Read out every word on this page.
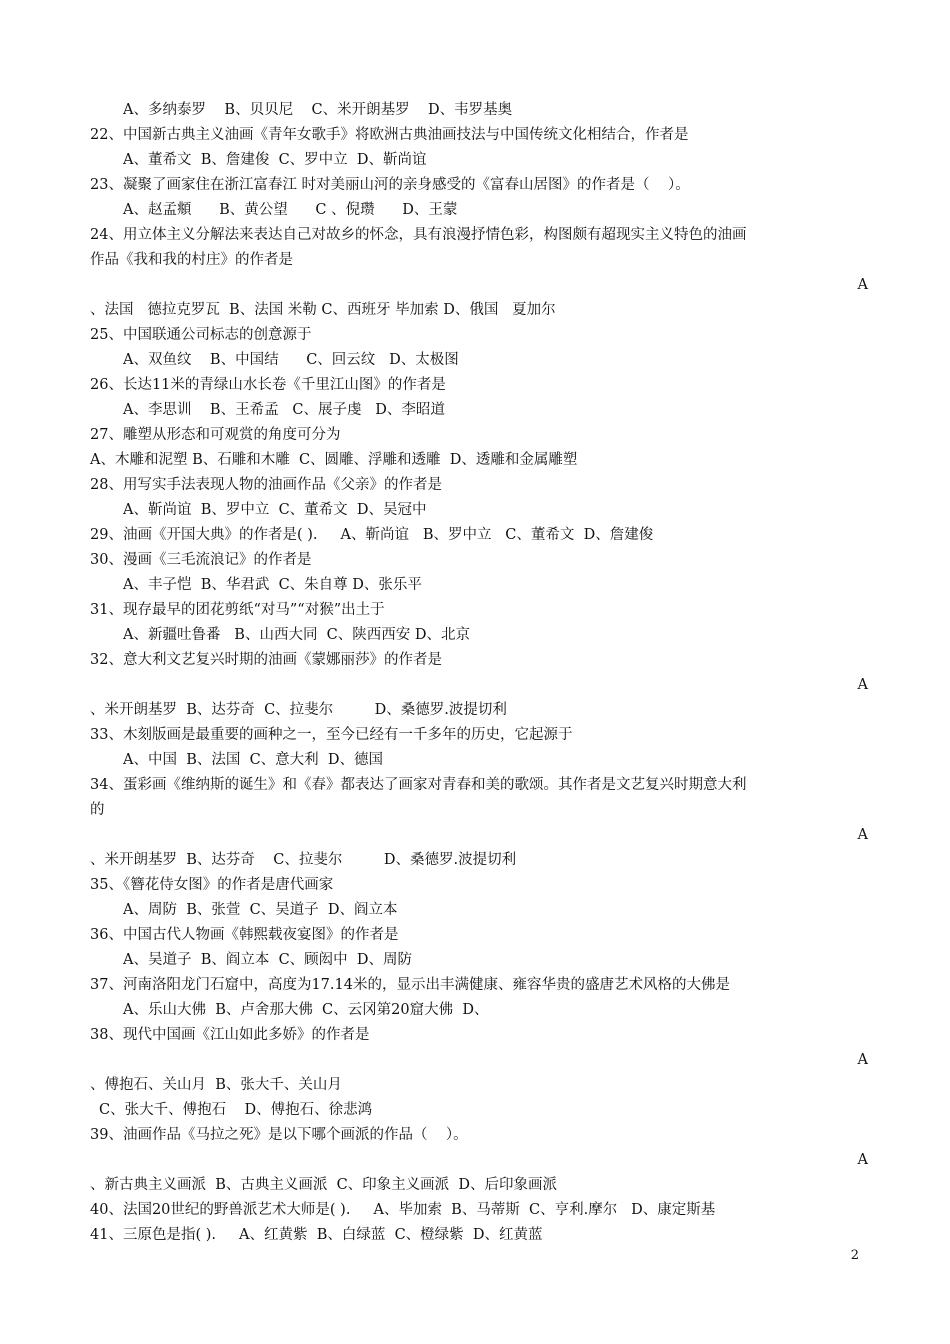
A、多纳泰罗    B、贝贝尼    C、米开朗基罗    D、韦罗基奥
22、中国新古典主义油画《青年女歌手》将欧洲古典油画技法与中国传统文化相结合，作者是
A、董希文  B、詹建俊  C、罗中立  D、靳尚谊
23、凝聚了画家住在浙江富春江 时对美丽山河的亲身感受的《富春山居图》的作者是（    ）。
A、赵孟頫      B、黄公望      C 、倪瓒      D、王蒙
24、用立体主义分解法来表达自己对故乡的怀念，具有浪漫抒情色彩，构图颇有超现实主义特色的油画
作品《我和我的村庄》的作者是
A
、法国   德拉克罗瓦  B、法国 米勒 C、西班牙 毕加索 D、俄国   夏加尔
25、中国联通公司标志的创意源于
A、双鱼纹    B、中国结      C、回云纹   D、太极图
26、长达11米的青绿山水长卷《千里江山图》的作者是
A、李思训    B、王希孟   C、展子虔   D、李昭道
27、雕塑从形态和可观赏的角度可分为
A、木雕和泥塑 B、石雕和木雕  C、圆雕、浮雕和透雕  D、透雕和金属雕塑
28、用写实手法表现人物的油画作品《父亲》的作者是
A、靳尚谊  B、罗中立  C、董希文  D、吴冠中
29、油画《开国大典》的作者是( ).     A、靳尚谊   B、罗中立   C、董希文  D、詹建俊
30、漫画《三毛流浪记》的作者是
A、丰子恺  B、华君武  C、朱自尊 D、张乐平
31、现存最早的团花剪纸“对马”“对猴”出土于
A、新疆吐鲁番   B、山西大同  C、陕西西安 D、北京
32、意大利文艺复兴时期的油画《蒙娜丽莎》的作者是
A
、米开朗基罗  B、达芬奇  C、拉斐尔         D、桑德罗.波提切利
33、木刻版画是最重要的画种之一，至今已经有一千多年的历史，它起源于
A、中国  B、法国  C、意大利  D、德国
34、蛋彩画《维纳斯的诞生》和《春》都表达了画家对青春和美的歌颂。其作者是文艺复兴时期意大利
的
A
、米开朗基罗  B、达芬奇    C、拉斐尔         D、桑德罗.波提切利
35、《簪花侍女图》的作者是唐代画家
A、周防  B、张萱  C、吴道子  D、阎立本
36、中国古代人物画《韩熙载夜宴图》的作者是
A、吴道子  B、阎立本  C、顾闳中  D、周防
37、河南洛阳龙门石窟中，高度为17.14米的，显示出丰满健康、雍容华贵的盛唐艺术风格的大佛是
A、乐山大佛  B、卢舍那大佛  C、云冈第20窟大佛  D、
38、现代中国画《江山如此多娇》的作者是
A
、傅抱石、关山月  B、张大千、关山月
C、张大千、傅抱石    D、傅抱石、徐悲鸿
39、油画作品《马拉之死》是以下哪个画派的作品（    ）。
A
、新古典主义画派  B、古典主义画派  C、印象主义画派  D、后印象画派
40、法国20世纪的野兽派艺术大师是( ).     A、毕加索  B、马蒂斯  C、亨利.摩尔   D、康定斯基
41、三原色是指( ).     A、红黄紫  B、白绿蓝  C、橙绿紫  D、红黄蓝
2
